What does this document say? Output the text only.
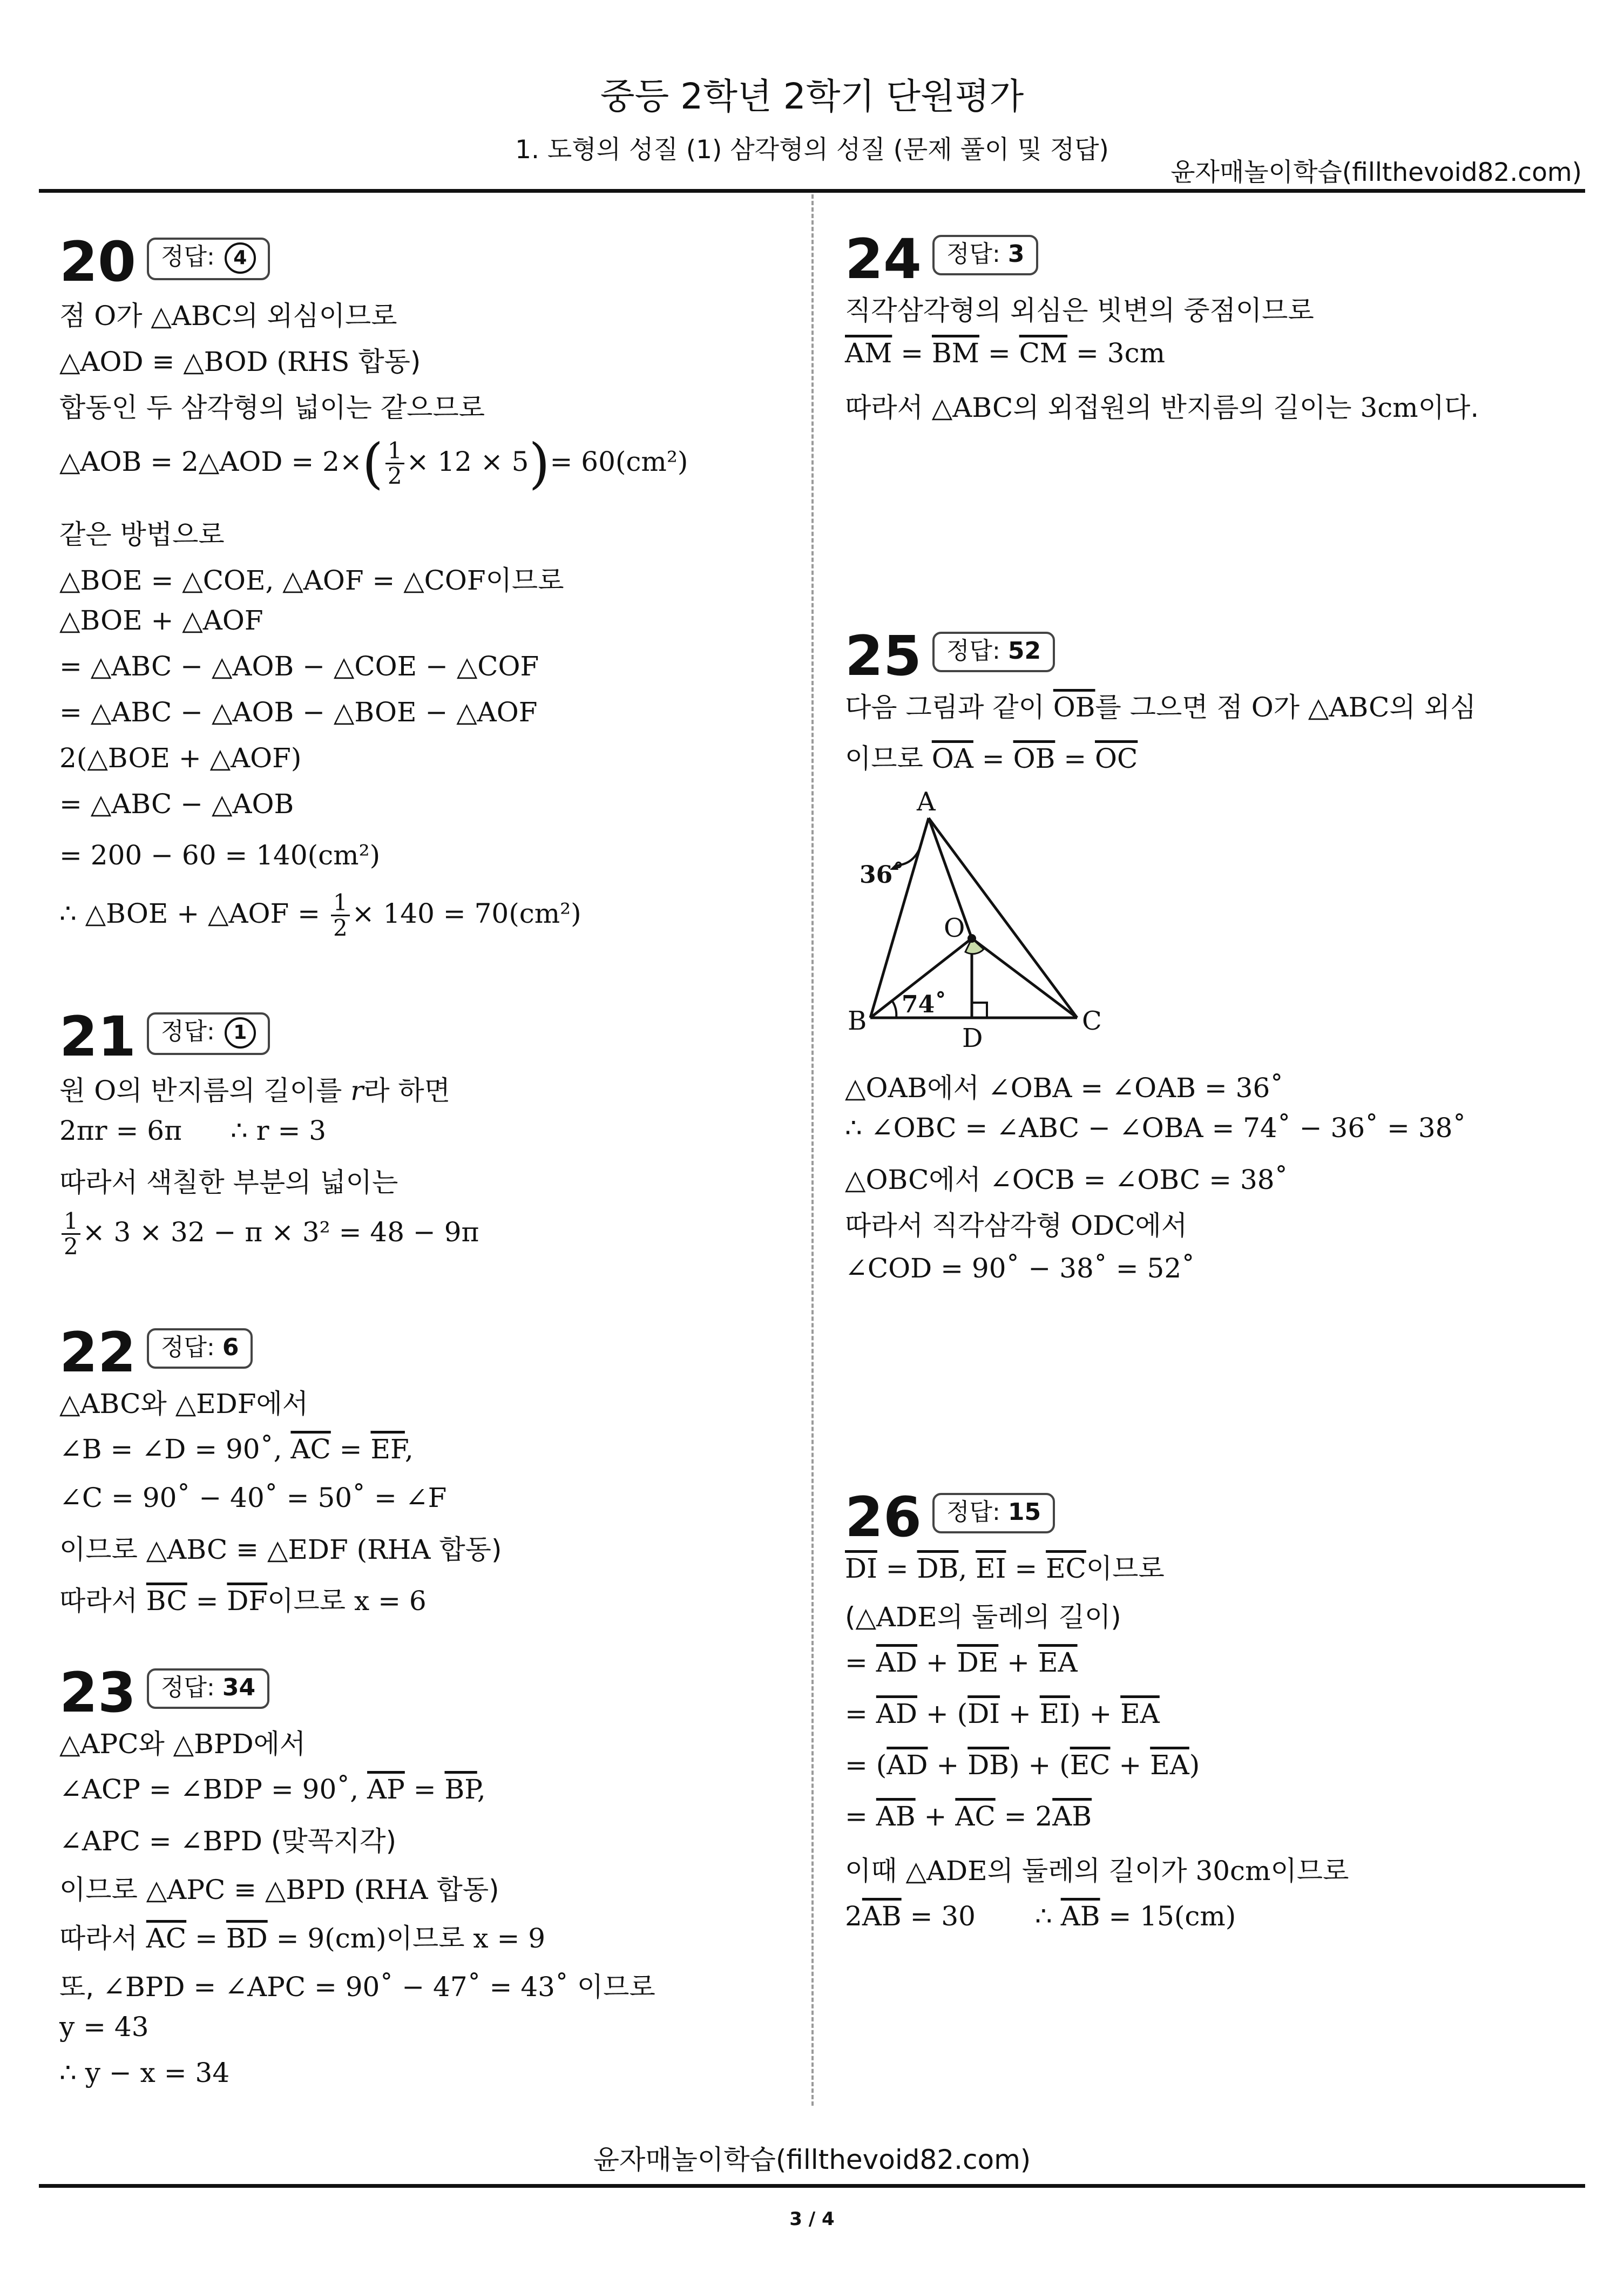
중등 2학년 2학기 단원평가
1. 도형의 성질 (1) 삼각형의 성질 (문제 풀이 및 정답)
윤자매놀이학습(fillthevoid82.com)
20	정답: 4
점 O가 △ABC의 외심이므로
△AOD ≡ △BOD (RHS 합동)
합동인 두 삼각형의 넓이는 같으므로
△AOB = 2△AOD = $2\times( \frac{1}{2} \times 12 \times 5)= 60(cm^2)$
같은 방법으로
△BOE = △COE, △AOF = △COF이므로
△BOE + △AOF
= △ABC − △AOB − △COE − △COF
= △ABC − △AOB − △BOE − △AOF
2(△BOE + △AOF)
= △ABC − △AOB
= 200 − 60 = 140(cm²)
∴ △BOE + △AOF = $\frac{1}{2} \times 140 = 70(cm^2)$
21	정답: 1
원 O의 반지름의 길이를 r라 하면
2πr = 6π ∴ r = 3
따라서 색칠한 부분의 넓이는
$\frac{1}{2} \times 3 \times 32 - \pi \times 3^2 = 48 - 9\pi$
22	정답: 6
△ABC와 △EDF에서
∠B = ∠D = 90˚, $\overline{AC} = \overline{EF}$,
∠C = 90˚ − 40˚ = 50˚ = ∠F
이므로 △ABC ≡ △EDF (RHA 합동)
따라서 $\overline{BC} = \overline{DF}$이므로 x = 6
23	정답: 34
△APC와 △BPD에서
∠ACP = ∠BDP = 90˚, $\overline{AP} = \overline{BP}$,
∠APC = ∠BPD (맞꼭지각)
이므로 △APC ≡ △BPD (RHA 합동)
따라서 $\overline{AC} = \overline{BD} = 9(cm)$이므로 x = 9
또, ∠BPD = ∠APC = 90˚ − 47˚ = 43˚ 이므로
y = 43
∴ y − x = 34
24	정답: 3
직각삼각형의 외심은 빗변의 중점이므로
$\overline{AM} = \overline{BM} = \overline{CM} = 3cm$
따라서 △ABC의 외접원의 반지름의 길이는 3cm이다.
25	정답: 52
다음 그림과 같이 $\overline{OB}$를 그으면 점 O가 △ABC의 외심
이므로 $\overline{OA} = \overline{OB} = \overline{OC}$
A
B	C
D
O
36˚
74˚
△OAB에서 ∠OBA = ∠OAB = 36˚
∴ ∠OBC = ∠ABC − ∠OBA = 74˚ − 36˚ = 38˚
△OBC에서 ∠OCB = ∠OBC = 38˚
따라서 직각삼각형 ODC에서
∠COD = 90˚ − 38˚ = 52˚
26	정답: 15
$\overline{DI} = \overline{DB}$, $\overline{EI} = \overline{EC}$이므로
(△ADE의 둘레의 길이)
= $\overline{AD} + \overline{DE} + \overline{EA}$
= $\overline{AD} + (\overline{DI} + \overline{EI}) + \overline{EA}$
= $(\overline{AD} + \overline{DB}) + (\overline{EC} + \overline{EA})$
= $\overline{AB} + \overline{AC} = 2\overline{AB}$
이때 △ADE의 둘레의 길이가 30cm이므로
$2\overline{AB} = 30$ ∴ $\overline{AB} = 15(cm)$
윤자매놀이학습(fillthevoid82.com)
3 / 4
